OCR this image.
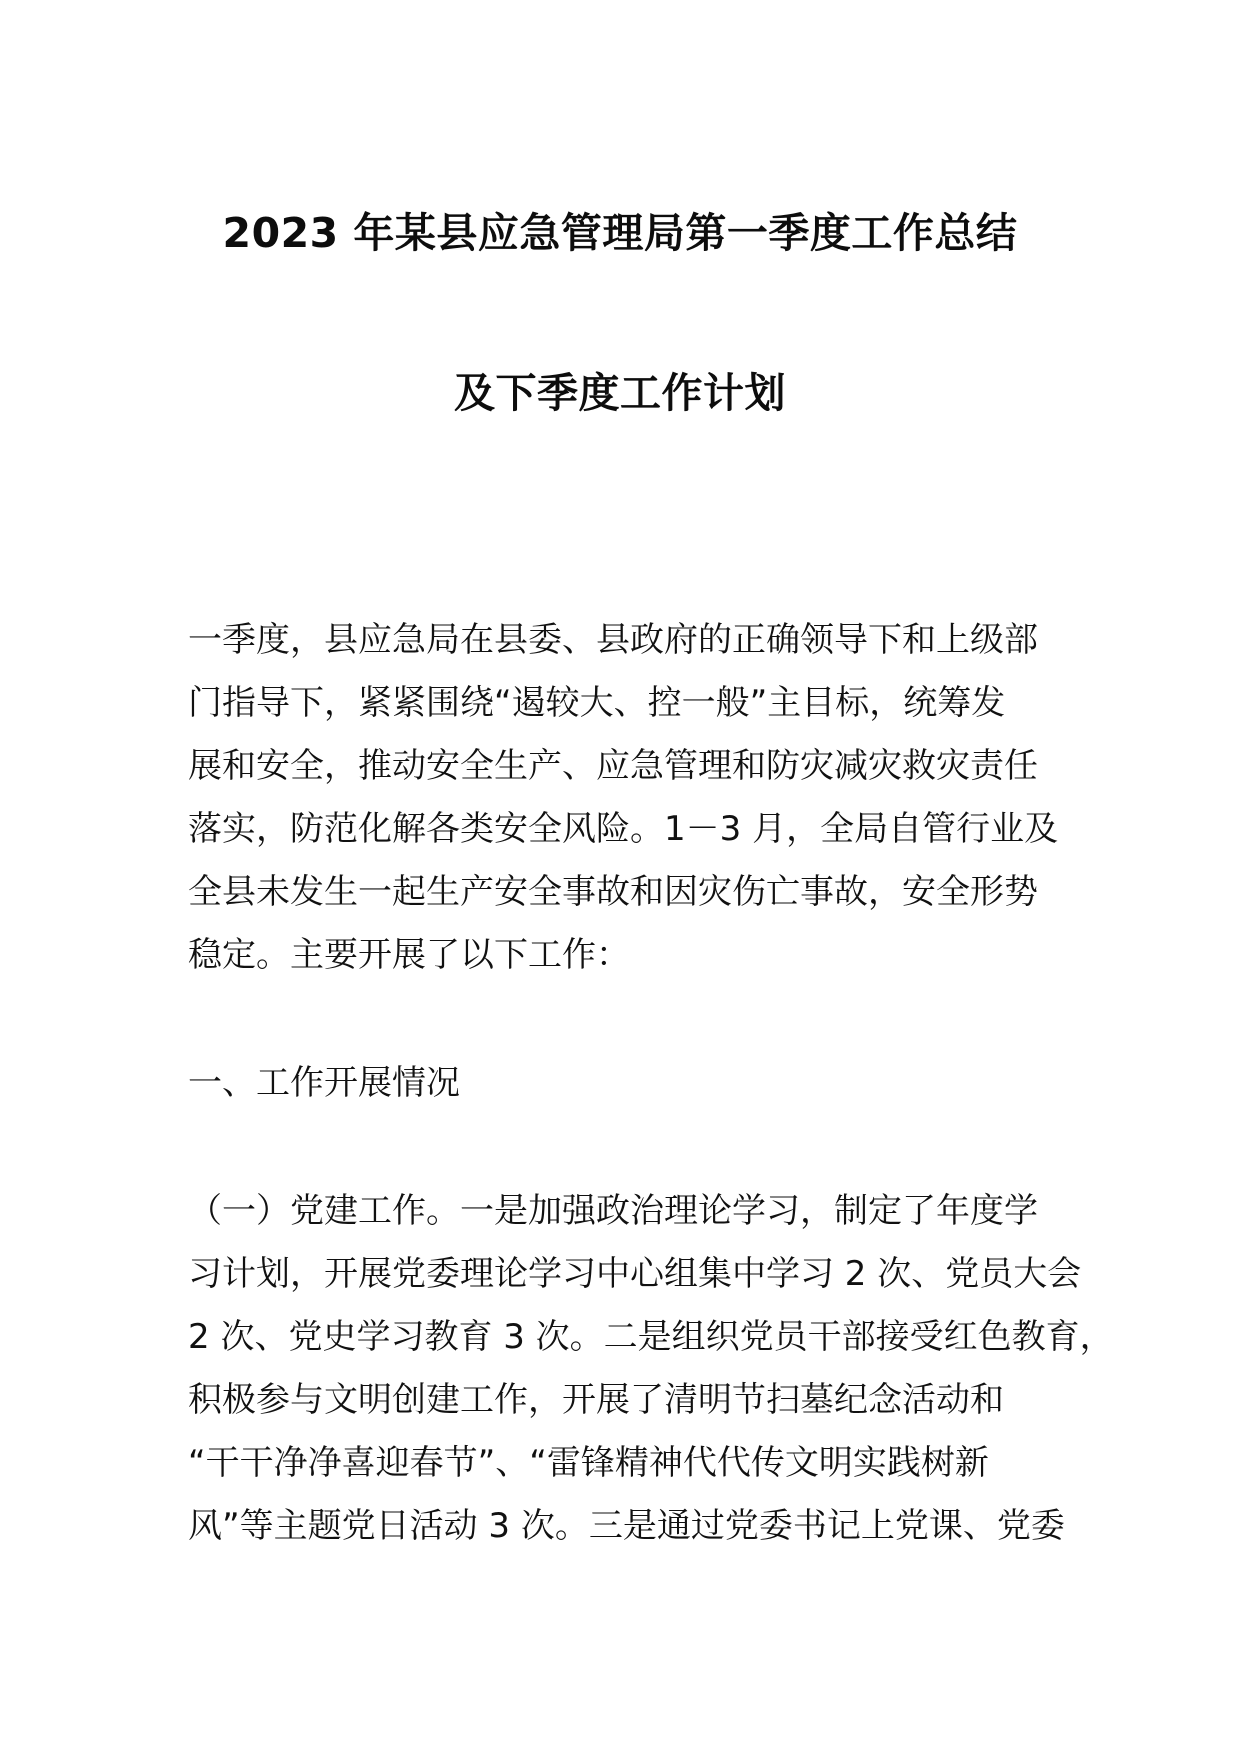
2023 年某县应急管理局第一季度工作总结
及下季度工作计划
一季度，县应急局在县委、县政府的正确领导下和上级部
门指导下，紧紧围绕“遏较大、控一般”主目标，统筹发
展和安全，推动安全生产、应急管理和防灾减灾救灾责任
落实，防范化解各类安全风险。1－3 月，全局自管行业及
全县未发生一起生产安全事故和因灾伤亡事故，安全形势
稳定。主要开展了以下工作：
一、工作开展情况
（一）党建工作。一是加强政治理论学习，制定了年度学
习计划，开展党委理论学习中心组集中学习 2 次、党员大会
2 次、党史学习教育 3 次。二是组织党员干部接受红色教育，
积极参与文明创建工作，开展了清明节扫墓纪念活动和
“干干净净喜迎春节”、“雷锋精神代代传文明实践树新
风”等主题党日活动 3 次。三是通过党委书记上党课、党委
